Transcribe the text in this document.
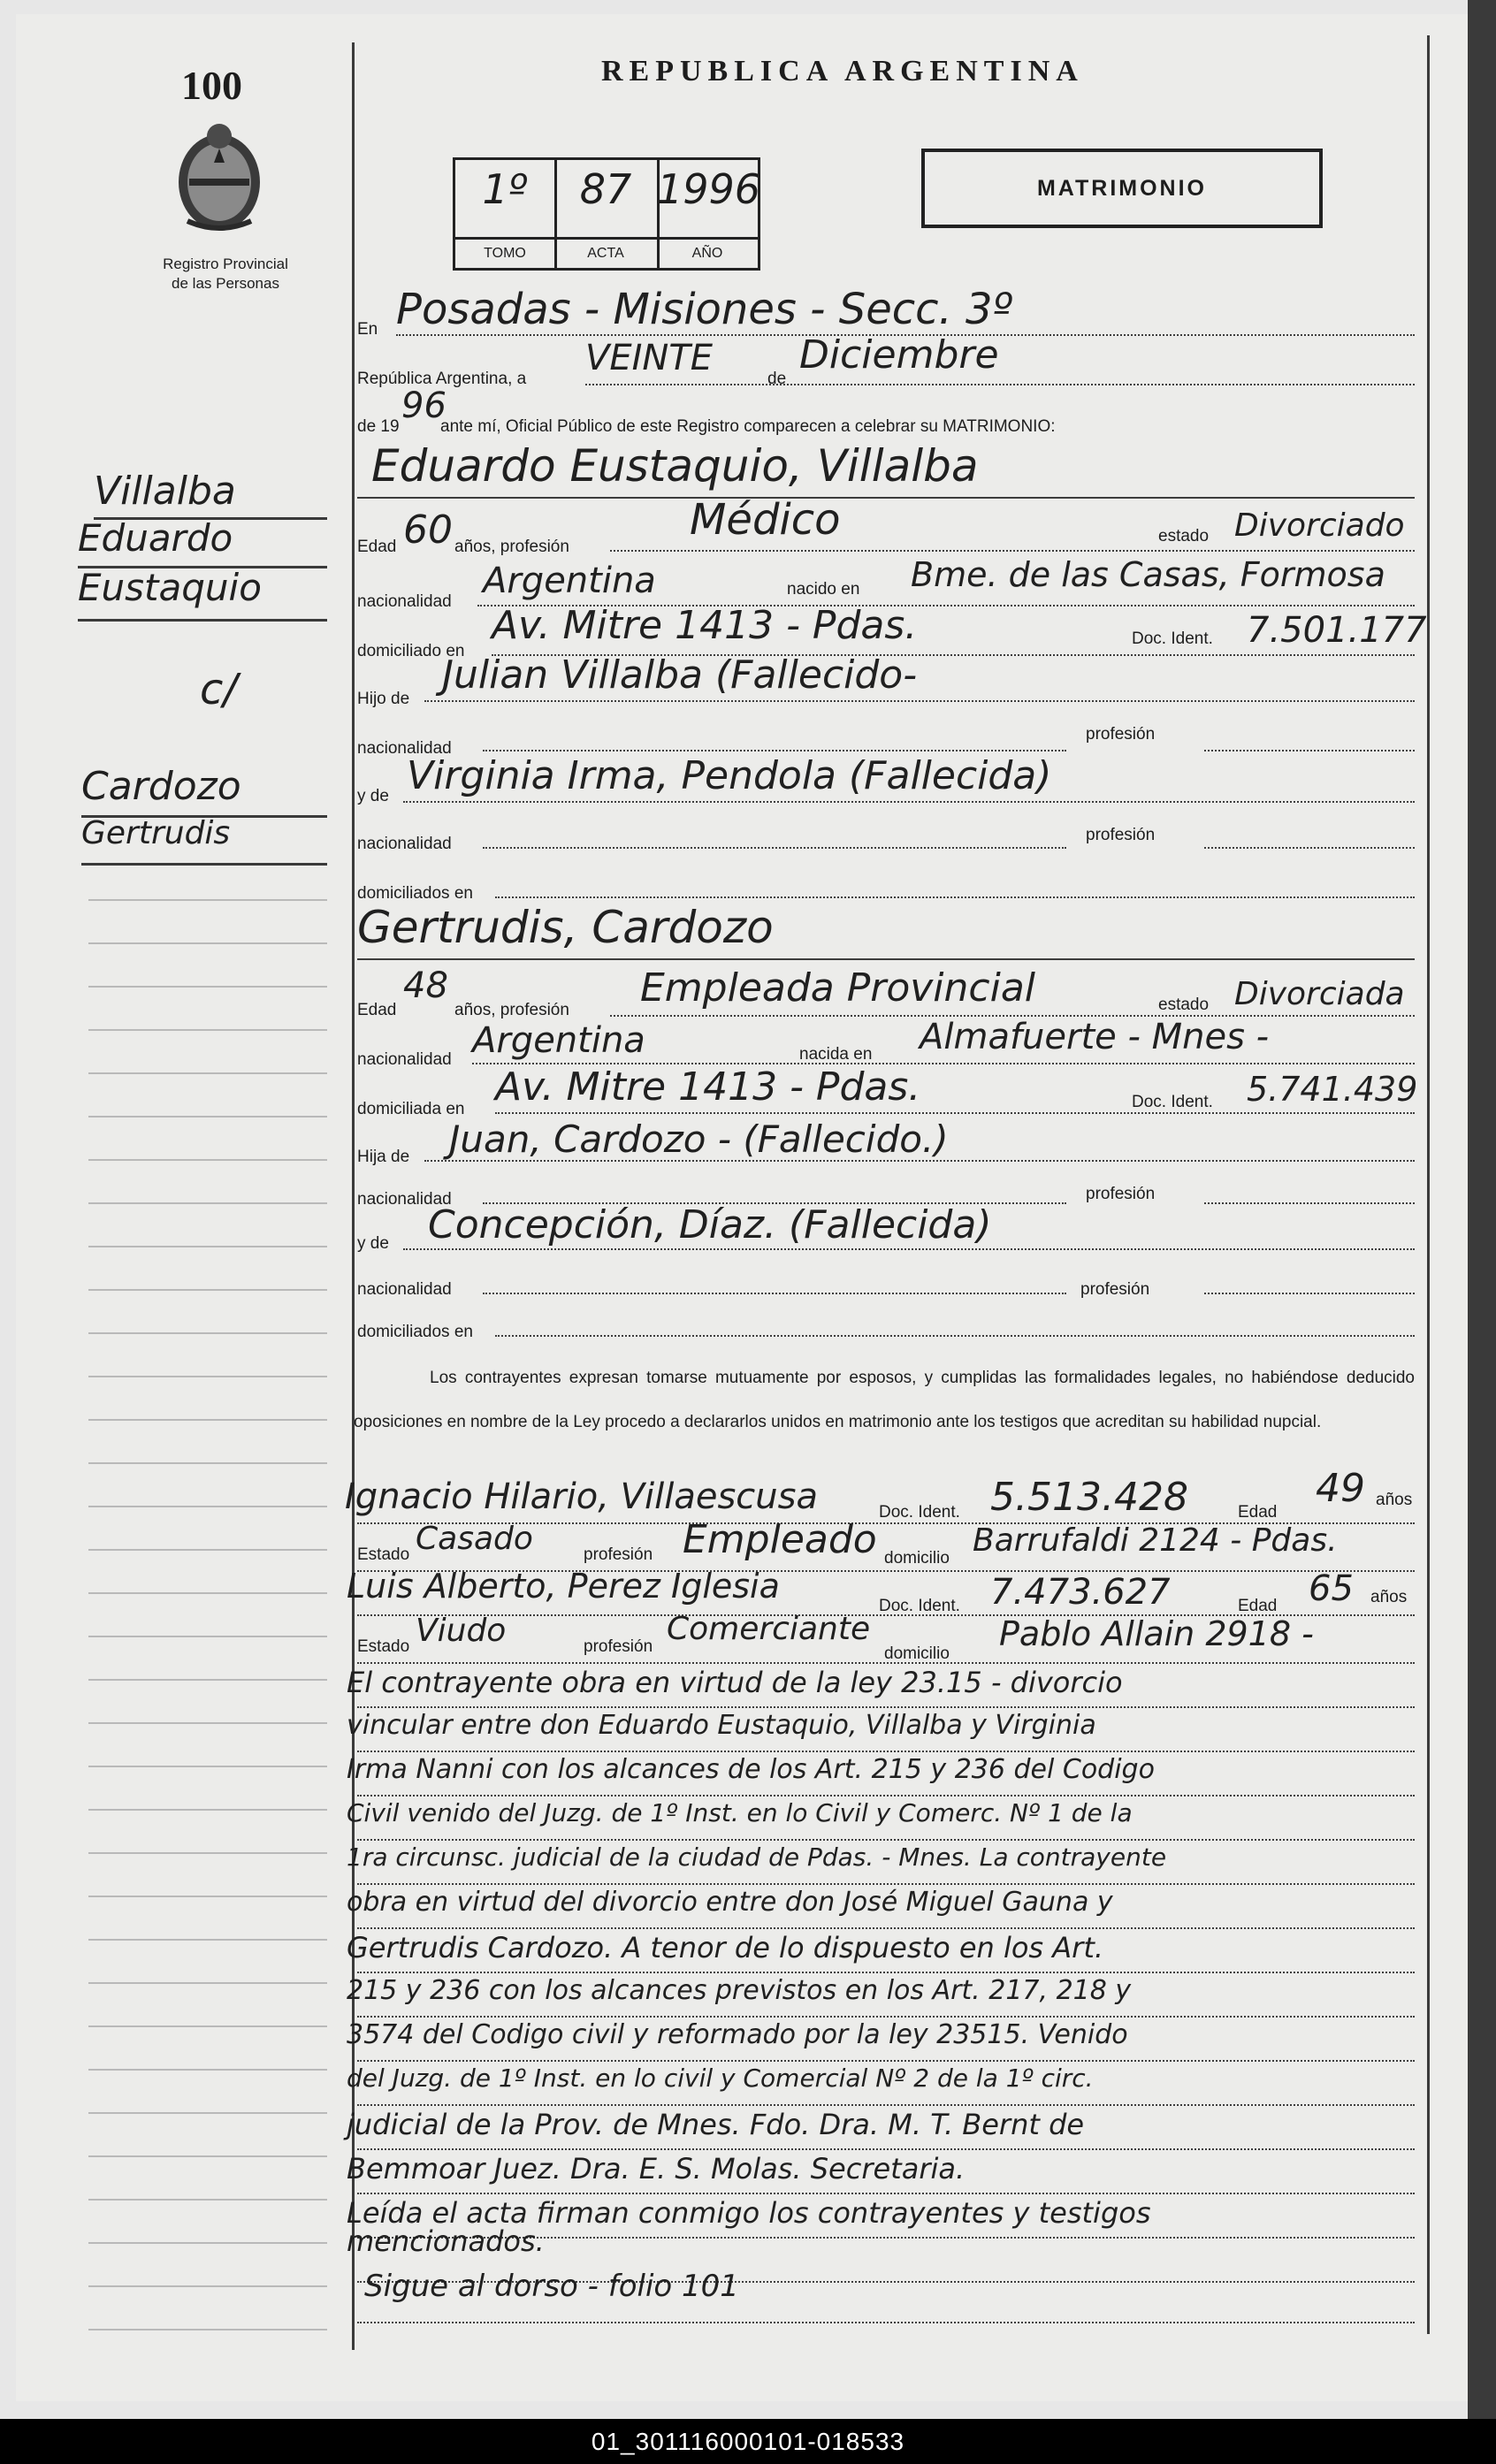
100
Registro Provincial
de las Personas
REPUBLICA ARGENTINA
MATRIMONIO
1º
TOMO
87
ACTA
1996
AÑO
Villalba
Eduardo
Eustaquio
c/
Cardozo
Gertrudis
En Posadas - Misiones - Secc. 3º
República Argentina, a
VEINTE
de
Diciembre
de 19
96
ante mí, Oficial Público de este Registro comparecen a celebrar su MATRIMONIO:
Eduardo Eustaquio, Villalba
Edad 60 años, profesión
Médico	estado Divorciado
nacionalidad
Argentina	nacido en Bme. de las Casas, Formosa
domiciliado en
Av. Mitre 1413 - Pdas.	Doc. Ident. 7.501.177
Hijo de
Julian Villalba (Fallecido-
nacionalidad
profesión
y de Virginia Irma, Pendola (Fallecida)
nacionalidad	profesión
domiciliados en
Gertrudis, Cardozo
Edad
48
años, profesión Empleada Provincial	estado Divorciada
nacionalidad Argentina	nacida en Almafuerte - Mnes -
domiciliada en Av. Mitre 1413 - Pdas.	Doc. Ident. 5.741.439
Hija de Juan, Cardozo - (Fallecido.)
nacionalidad	profesión
y de Concepción, Díaz. (Fallecida)
nacionalidad	profesión
domiciliados en

Los contrayentes expresan tomarse mutuamente por esposos, y cumplidas las formalidades legales, no habiéndose deducido oposiciones en nombre de la Ley procedo a declararlos unidos en matrimonio ante los testigos que acreditan su habilidad nupcial.

Ignacio Hilario, Villaescusa	Doc. Ident. 5.513.428	Edad
49 años
Estado Casado	profesión Empleado domicilio Barrufaldi 2124 - Pdas.
Luis Alberto, Perez Iglesia
Doc. Ident. 7.473.627	Edad 65 años
Estado Viudo	profesión Comerciante
domicilio
Pablo Allain 2918 -
El contrayente obra en virtud de la ley 23.15 - divorcio
vincular entre don Eduardo Eustaquio, Villalba y Virginia
Irma Nanni con los alcances de los Art. 215 y 236 del Codigo
Civil venido del Juzg. de 1º Inst. en lo Civil y Comerc. Nº 1 de la
1ra circunsc. judicial de la ciudad de Pdas. - Mnes. La contrayente
obra en virtud del divorcio entre don José Miguel Gauna y
Gertrudis Cardozo. A tenor de lo dispuesto en los Art.
215 y 236 con los alcances previstos en los Art. 217, 218 y
3574 del Codigo civil y reformado por la ley 23515. Venido
del Juzg. de 1º Inst. en lo civil y Comercial Nº 2 de la 1º circ.
judicial de la Prov. de Mnes. Fdo. Dra. M. T. Bernt de
Bemmoar Juez. Dra. E. S. Molas. Secretaria.
Leída el acta firman conmigo los contrayentes y testigos
mencionados.
Sigue al dorso - folio 101
01_301116000101-018533
